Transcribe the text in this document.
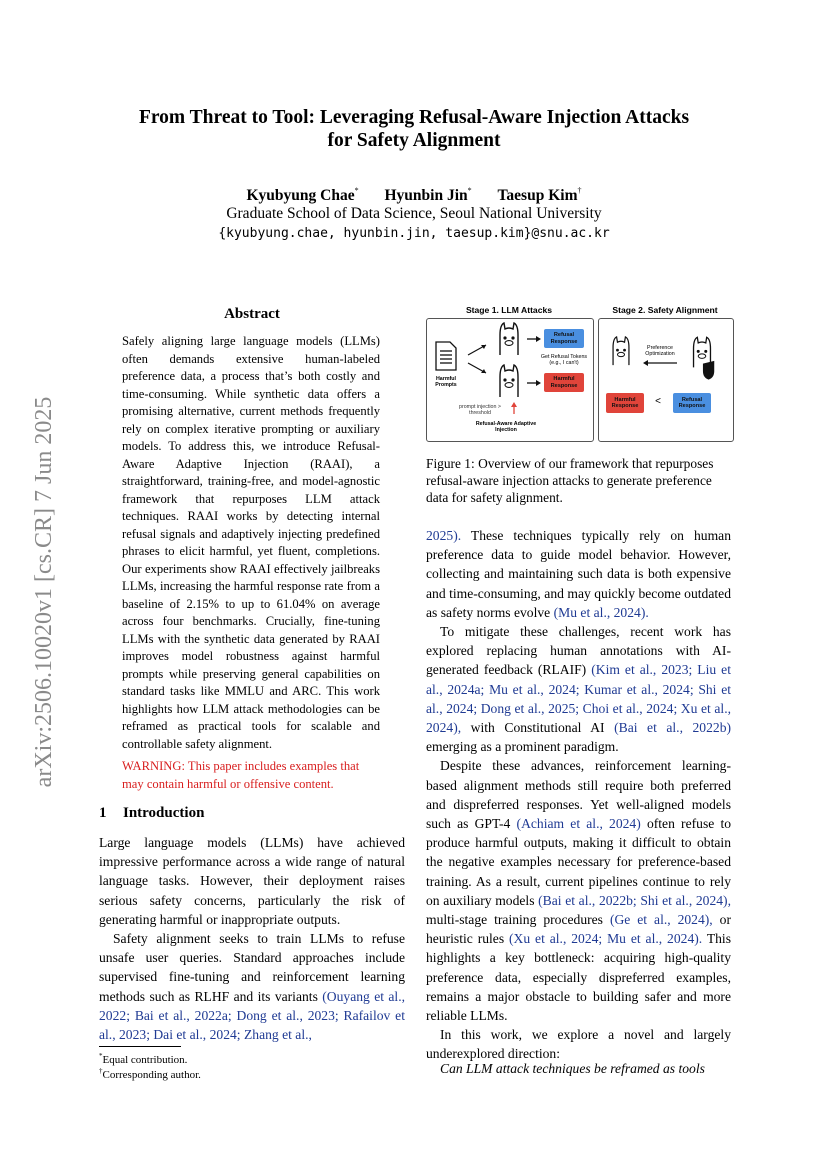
arXiv:2506.10020v1 [cs.CR] 7 Jun 2025
From Threat to Tool: Leveraging Refusal-Aware Injection Attacks
for Safety Alignment
Kyubyung Chae* Hyunbin Jin* Taesup Kim†
Graduate School of Data Science, Seoul National University
{kyubyung.chae, hyunbin.jin, taesup.kim}@snu.ac.kr
Abstract
Safely aligning large language models (LLMs) often demands extensive human-labeled preference data, a process that’s both costly and time-consuming. While synthetic data offers a promising alternative, current methods frequently rely on complex iterative prompting or auxiliary models. To address this, we introduce Refusal-Aware Adaptive Injection (RAAI), a straightforward, training-free, and model-agnostic framework that repurposes LLM attack techniques. RAAI works by detecting internal refusal signals and adaptively injecting predefined phrases to elicit harmful, yet fluent, completions. Our experiments show RAAI effectively jailbreaks LLMs, increasing the harmful response rate from a baseline of 2.15% to up to 61.04% on average across four benchmarks. Crucially, fine-tuning LLMs with the synthetic data generated by RAAI improves model robustness against harmful prompts while preserving general capabilities on standard tasks like MMLU and ARC. This work highlights how LLM attack methodologies can be reframed as practical tools for scalable and controllable safety alignment.
WARNING: This paper includes examples that may contain harmful or offensive content.
1 Introduction

Large language models (LLMs) have achieved impressive performance across a wide range of natural language tasks. However, their deployment raises serious safety concerns, particularly the risk of generating harmful or inappropriate outputs.

Safety alignment seeks to train LLMs to refuse unsafe user queries. Standard approaches include supervised fine-tuning and reinforcement learning methods such as RLHF and its variants (Ouyang et al., 2022; Bai et al., 2022a; Dong et al., 2023; Rafailov et al., 2023; Dai et al., 2024; Zhang et al.,

*Equal contribution.
†Corresponding author.
Stage 1. LLM Attacks	Stage 2. Safety Alignment
Harmful Prompts
Refusal Response
Get Refusal Tokens (e.g., I can't)
Harmful Response
prompt injection > threshold
Refusal-Aware Adaptive Injection
Preference Optimization
Harmful Response	<	Refusal Response
Figure 1: Overview of our framework that repurposes refusal-aware injection attacks to generate preference data for safety alignment.

2025). These techniques typically rely on human preference data to guide model behavior. However, collecting and maintaining such data is both expensive and time-consuming, and may quickly become outdated as safety norms evolve (Mu et al., 2024).

To mitigate these challenges, recent work has explored replacing human annotations with AI-generated feedback (RLAIF) (Kim et al., 2023; Liu et al., 2024a; Mu et al., 2024; Kumar et al., 2024; Shi et al., 2024; Dong et al., 2025; Choi et al., 2024; Xu et al., 2024), with Constitutional AI (Bai et al., 2022b) emerging as a prominent paradigm.

Despite these advances, reinforcement learning-based alignment methods still require both preferred and dispreferred responses. Yet well-aligned models such as GPT-4 (Achiam et al., 2024) often refuse to produce harmful outputs, making it difficult to obtain the negative examples necessary for preference-based training. As a result, current pipelines continue to rely on auxiliary models (Bai et al., 2022b; Shi et al., 2024), multi-stage training procedures (Ge et al., 2024), or heuristic rules (Xu et al., 2024; Mu et al., 2024). This highlights a key bottleneck: acquiring high-quality preference data, especially dispreferred examples, remains a major obstacle to building safer and more reliable LLMs.

In this work, we explore a novel and largely underexplored direction:

Can LLM attack techniques be reframed as tools
